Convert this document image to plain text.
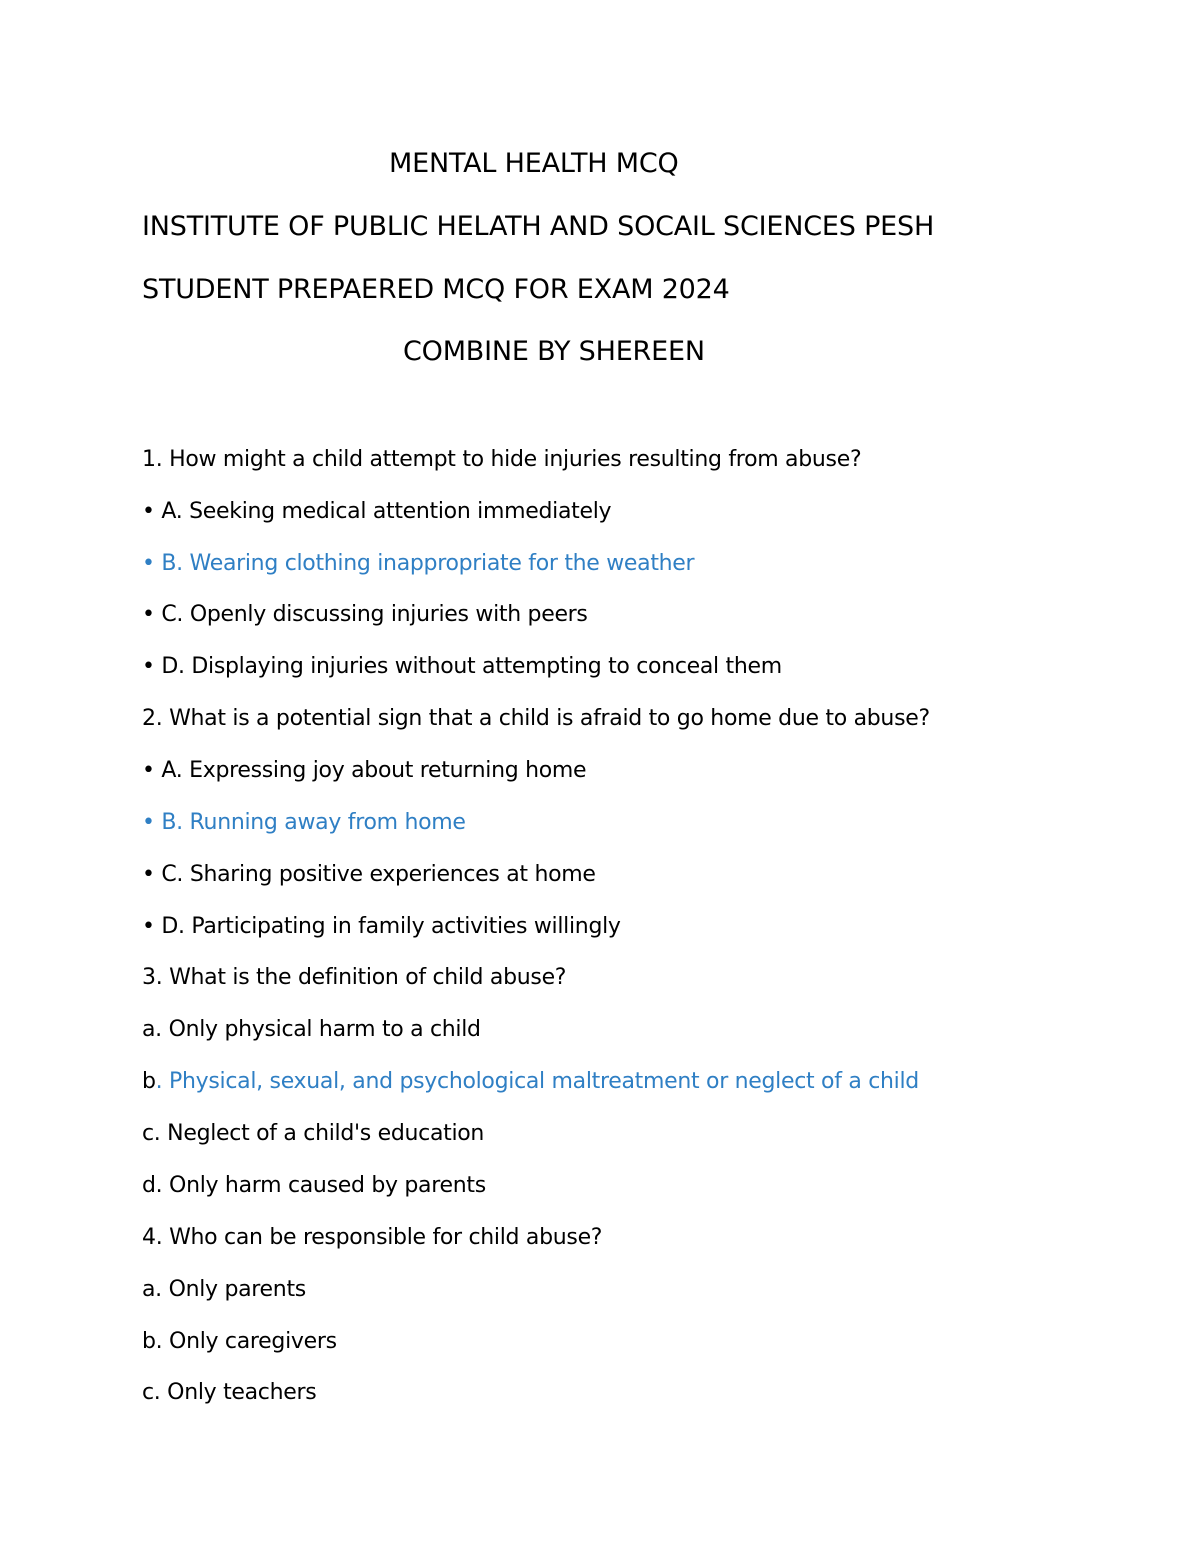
MENTAL HEALTH MCQ
INSTITUTE OF PUBLIC HELATH AND SOCAIL SCIENCES PESH
STUDENT PREPAERED MCQ FOR EXAM 2024
COMBINE BY SHEREEN
1. How might a child attempt to hide injuries resulting from abuse?
• A. Seeking medical attention immediately
• B. Wearing clothing inappropriate for the weather
• C. Openly discussing injuries with peers
• D. Displaying injuries without attempting to conceal them
2. What is a potential sign that a child is afraid to go home due to abuse?
• A. Expressing joy about returning home
• B. Running away from home
• C. Sharing positive experiences at home
• D. Participating in family activities willingly
3. What is the definition of child abuse?
a. Only physical harm to a child
b. Physical, sexual, and psychological maltreatment or neglect of a child
c. Neglect of a child's education
d. Only harm caused by parents
4. Who can be responsible for child abuse?
a. Only parents
b. Only caregivers
c. Only teachers
